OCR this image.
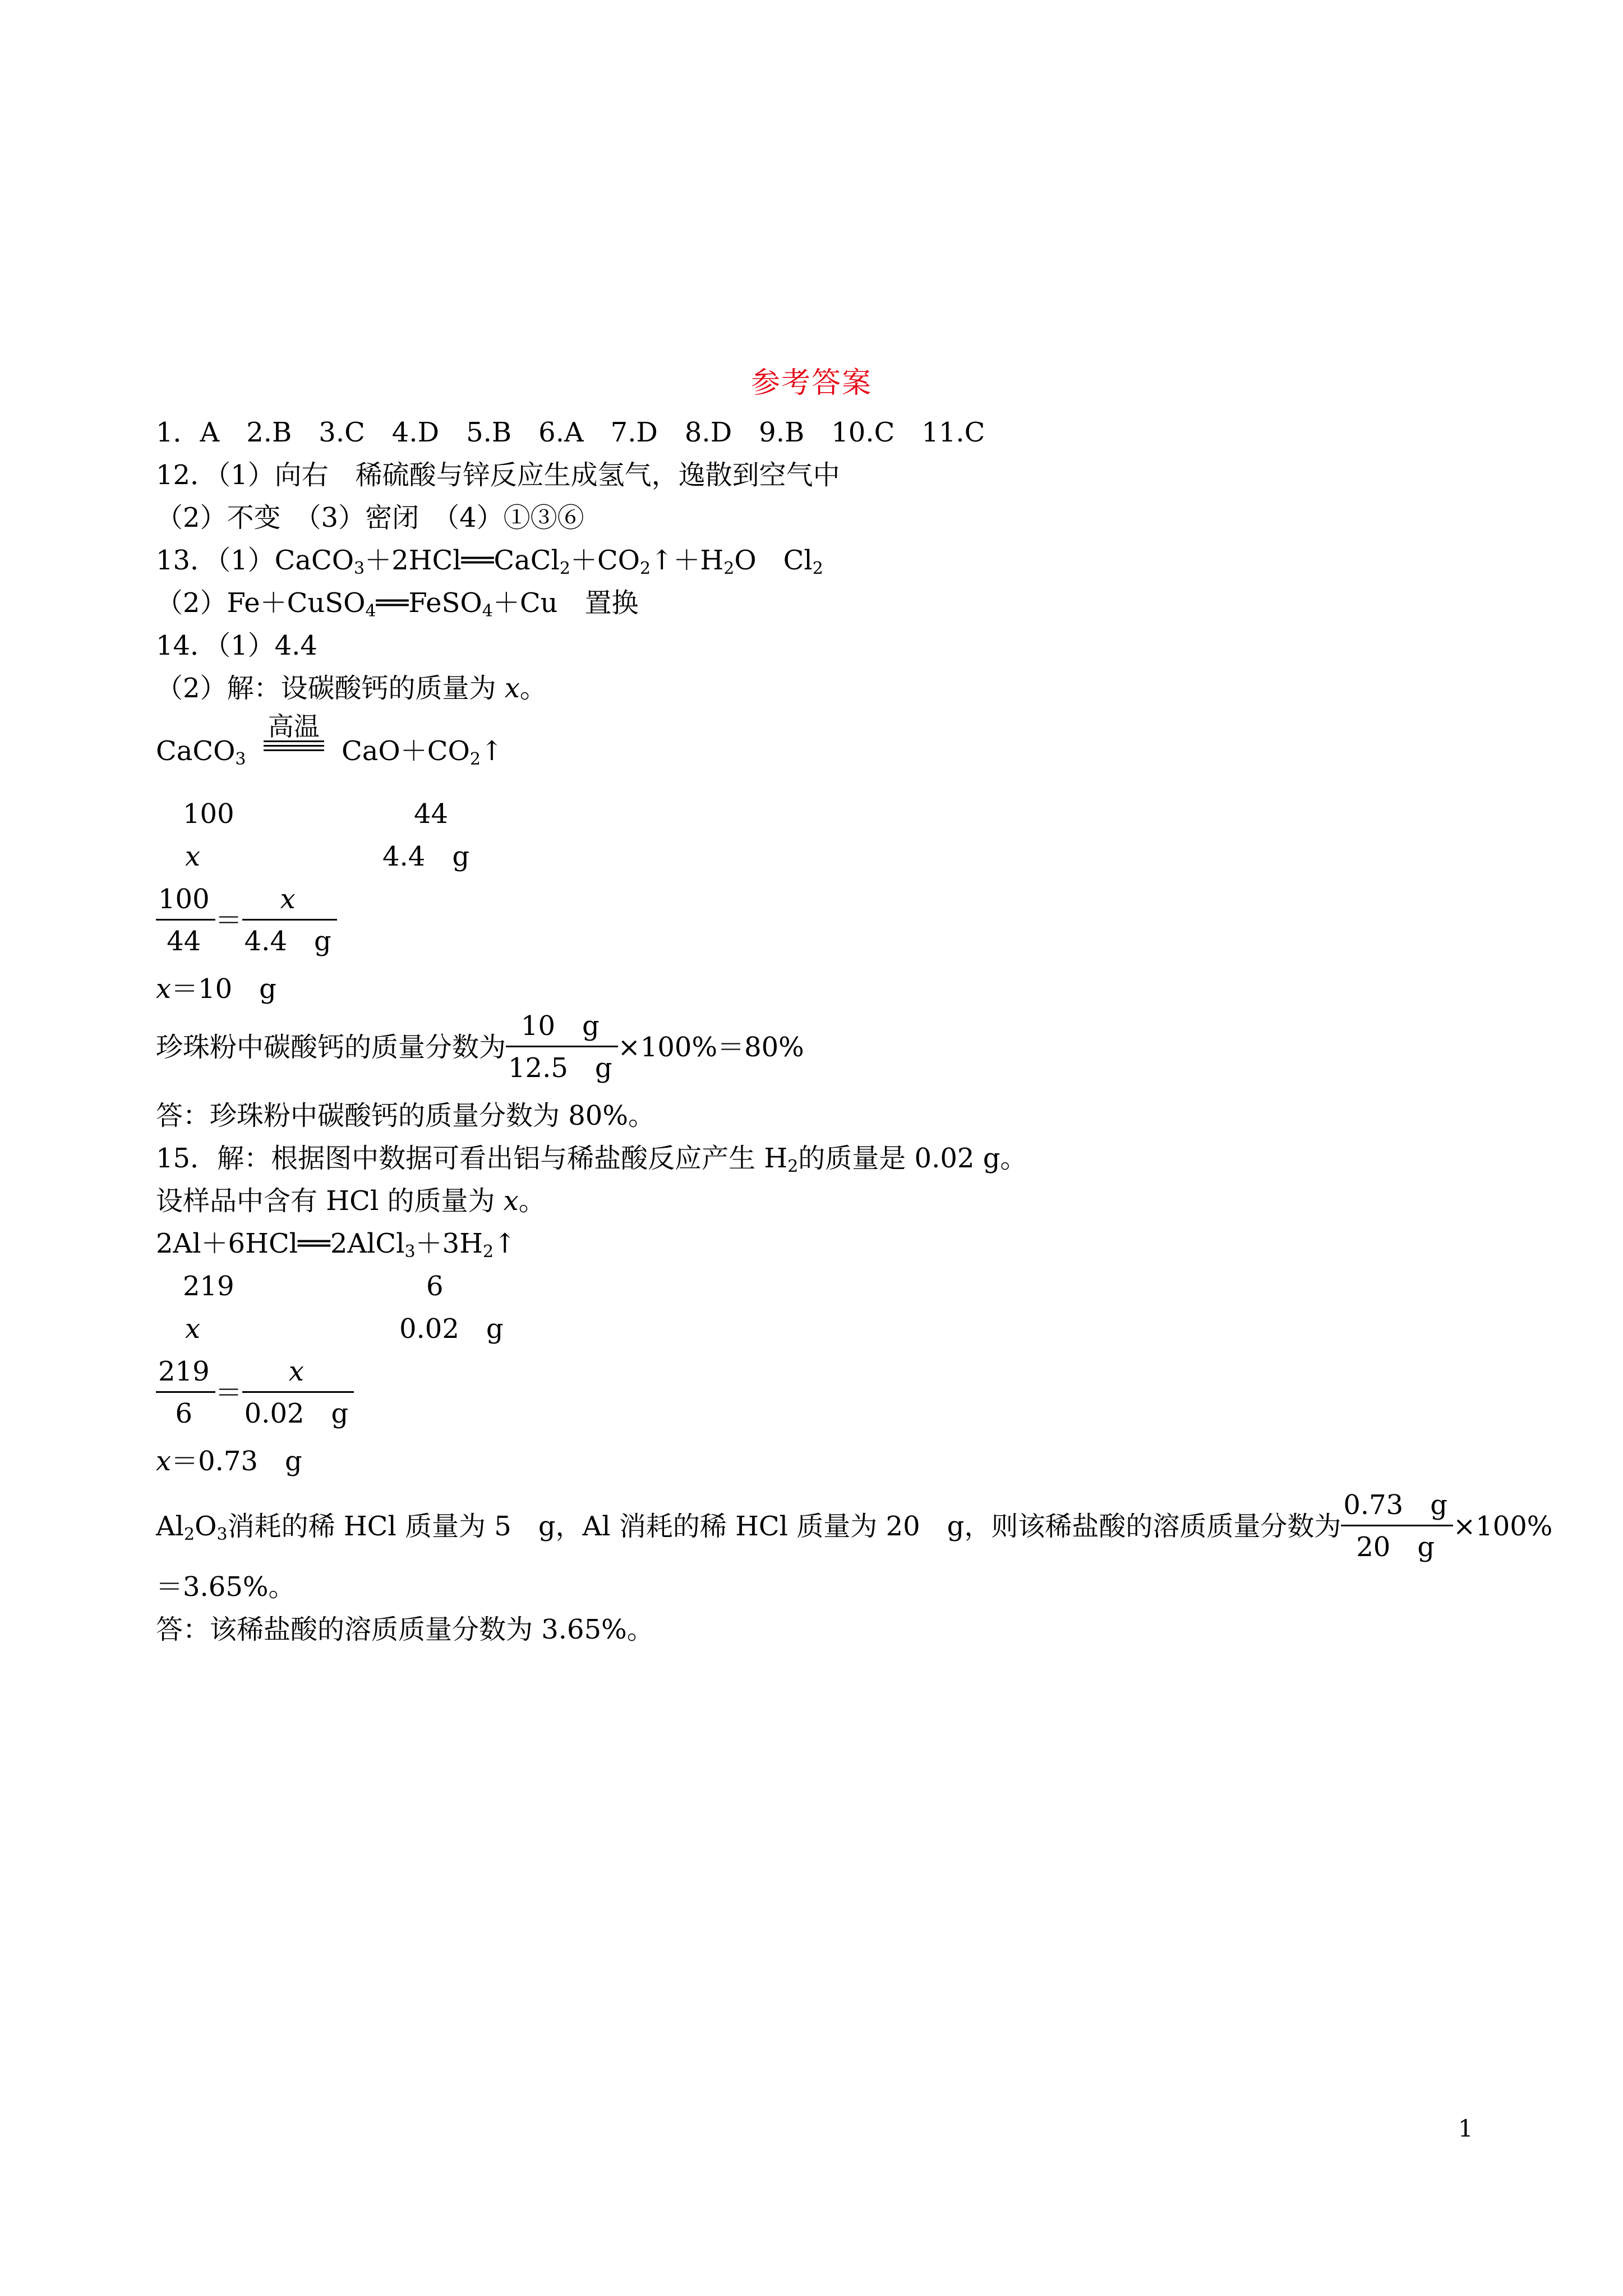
参考答案
1．A　2.B　3.C　4.D　5.B　6.A　7.D　8.D　9.B　10.C　11.C
12．（1）向右　稀硫酸与锌反应生成氢气，逸散到空气中
（2）不变　（3）密闭　（4）①③⑥
13．$(1)CaCO_3+2HCl══CaCl_2+CO_2↑+H_2O$　$Cl_2$
（2）Fe＋CuSO$_4$══FeSO$_4$＋Cu　置换
14．（1）4.4
（2）解：设碳酸钙的质量为 x。
CaCO$_3$
高温
$CaO+CO_2↑$
100	44
x	4.4　g
$\frac{100}{44} = \frac{x}{4.4 g}$
x＝10　g
珍珠粉中碳酸钙的质量分数为 $\frac{10 g}{12.5 g} \times 100\%=80\%$
答：珍珠粉中碳酸钙的质量分数为 80%。
15．解：根据图中数据可看出铝与稀盐酸反应产生 $H_2$的质量是 0.02 g。
设样品中含有 HCl 的质量为 x。
$2Al+6HCl══2AlCl_3+3H_2↑$
219	6
x	0.02　g
$\frac{219}{6} = \frac{x}{0.02 g}$
x＝0.73　g
$Al_2O_3$消耗的稀 HCl 质量为 5　g，Al 消耗的稀 HCl 质量为 20　g，则该稀盐酸的溶质质量分数为 $\frac{0.73 g}{20 g} \times 100\%$
＝3.65%。
答：该稀盐酸的溶质质量分数为 3.65%。
1
